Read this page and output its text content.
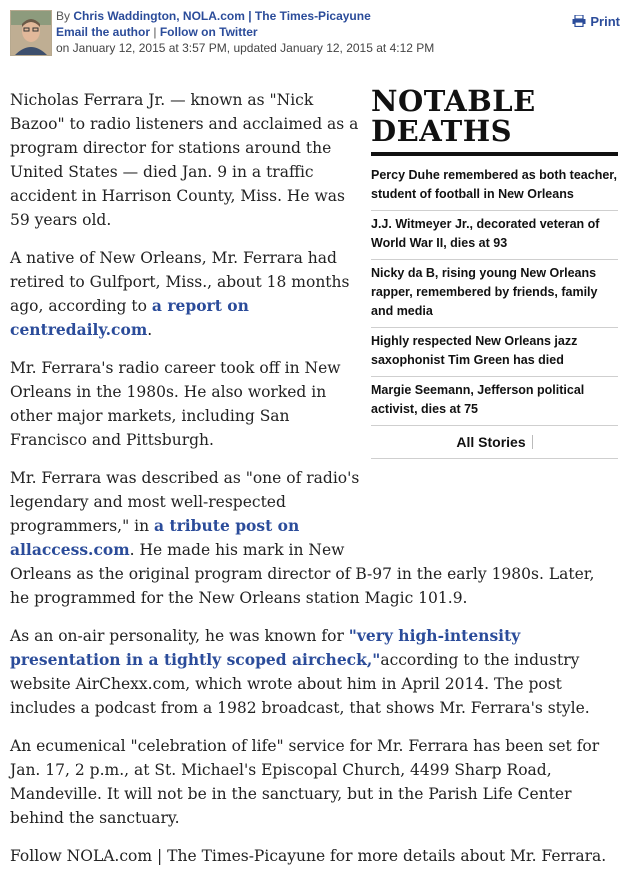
By Chris Waddington, NOLA.com | The Times-Picayune
Email the author | Follow on Twitter
on January 12, 2015 at 3:57 PM, updated January 12, 2015 at 4:12 PM
Print

Nicholas Ferrara Jr. — known as "Nick Bazoo" to radio listeners and acclaimed as a program director for stations around the United States — died Jan. 9 in a traffic accident in Harrison County, Miss. He was 59 years old.

A native of New Orleans, Mr. Ferrara had retired to Gulfport, Miss., about 18 months ago, according to a report on centredaily.com.

Mr. Ferrara's radio career took off in New Orleans in the 1980s. He also worked in other major markets, including San Francisco and Pittsburgh.

Mr. Ferrara was described as "one of radio's legendary and most well-respected programmers," in a tribute post on allaccess.com. He made his mark in New
Orleans as the original program director of B-97 in the early 1980s. Later, he programmed for the New Orleans station Magic 101.9.

As an on-air personality, he was known for "very high-intensity presentation in a tightly scoped aircheck,"according to the industry website AirChexx.com, which wrote about him in April 2014. The post includes a podcast from a 1982 broadcast, that shows Mr. Ferrara's style.

An ecumenical "celebration of life" service for Mr. Ferrara has been set for Jan. 17, 2 p.m., at St. Michael's Episcopal Church, 4499 Sharp Road, Mandeville. It will not be in the sanctuary, but in the Parish Life Center behind the sanctuary.

Follow NOLA.com | The Times-Picayune for more details about Mr. Ferrara.

NOTABLE
DEATHS
Percy Duhe remembered as both teacher, student of football in New Orleans
J.J. Witmeyer Jr., decorated veteran of World War II, dies at 93
Nicky da B, rising young New Orleans rapper, remembered by friends, family and media
Highly respected New Orleans jazz saxophonist Tim Green has died
Margie Seemann, Jefferson political activist, dies at 75
All Stories
